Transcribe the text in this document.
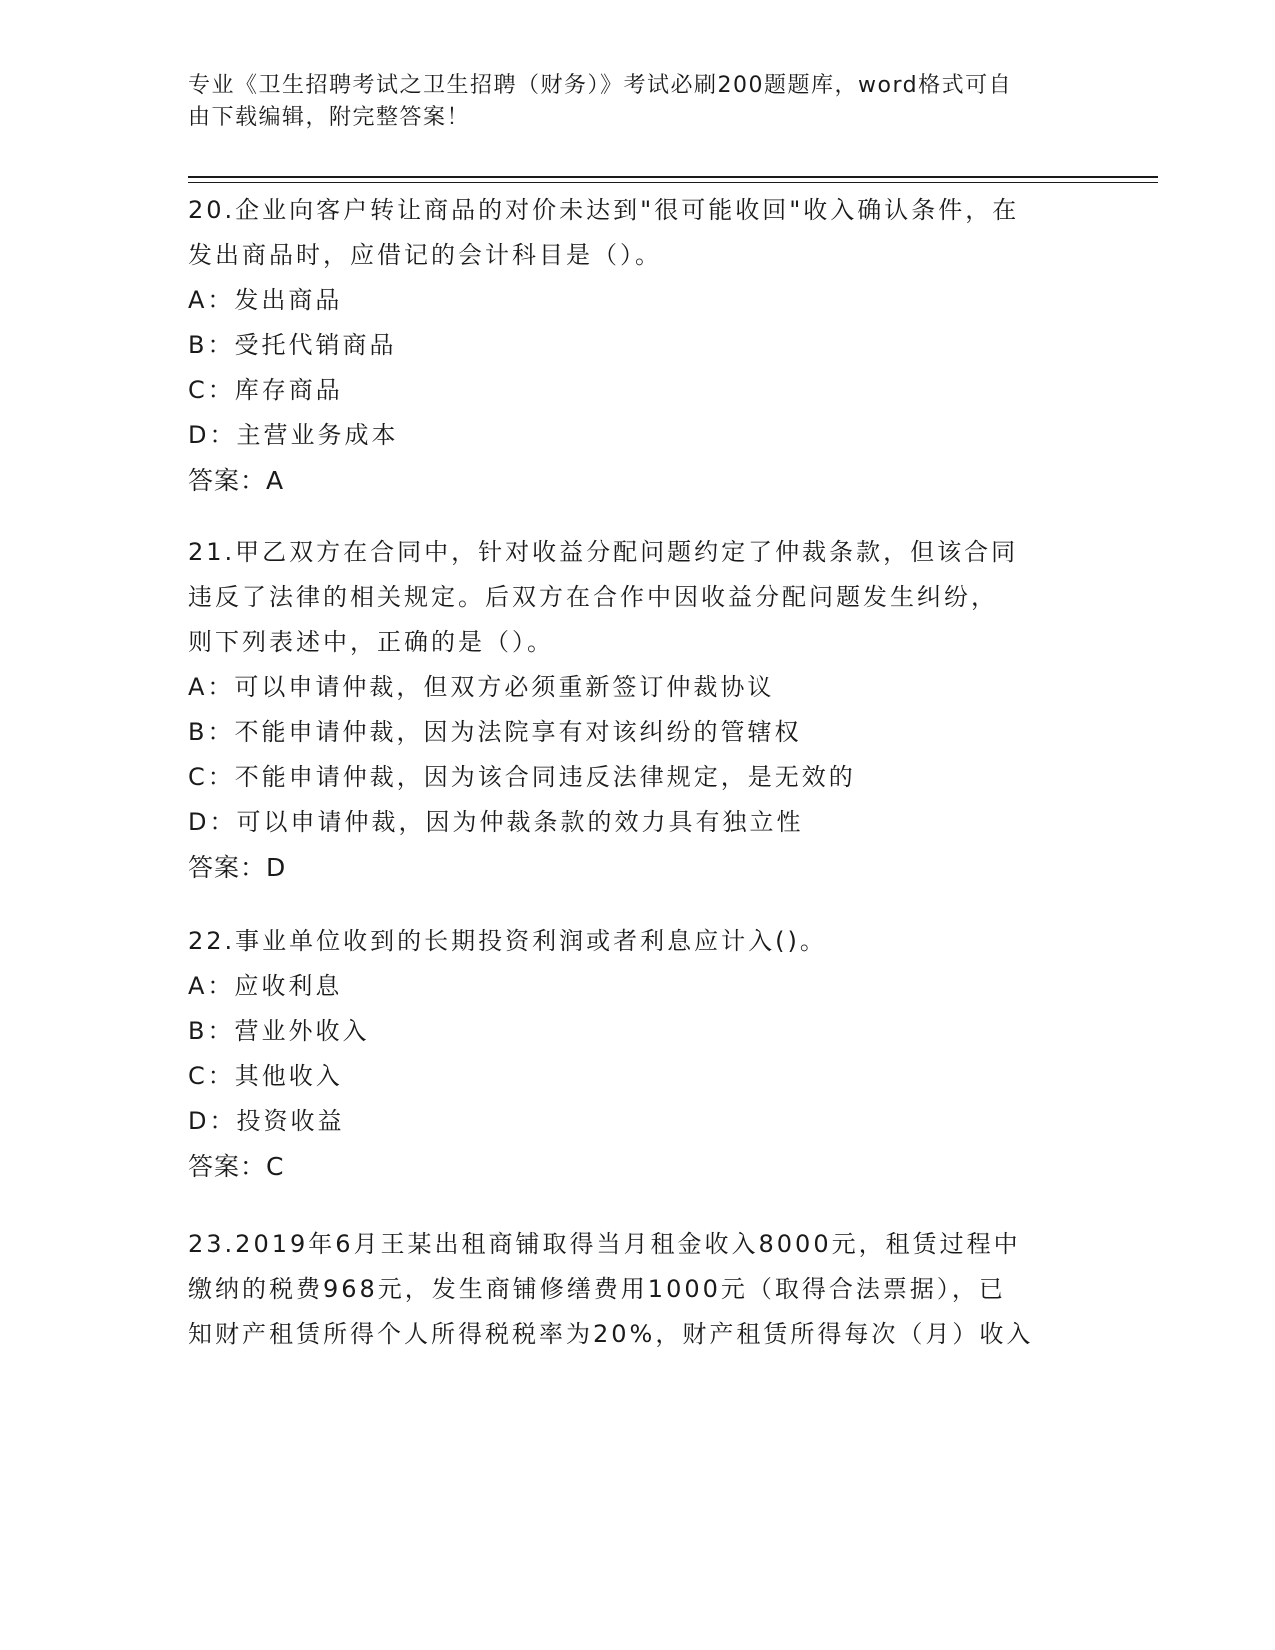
专业《卫生招聘考试之卫生招聘（财务）》考试必刷200题题库，word格式可自
由下载编辑，附完整答案！

20.企业向客户转让商品的对价未达到"很可能收回"收入确认条件，在

发出商品时，应借记的会计科目是（）。

A：发出商品

B：受托代销商品

C：库存商品

D：主营业务成本

答案：A

21.甲乙双方在合同中，针对收益分配问题约定了仲裁条款，但该合同

违反了法律的相关规定。后双方在合作中因收益分配问题发生纠纷，

则下列表述中，正确的是（）。

A：可以申请仲裁，但双方必须重新签订仲裁协议

B：不能申请仲裁，因为法院享有对该纠纷的管辖权

C：不能申请仲裁，因为该合同违反法律规定，是无效的

D：可以申请仲裁，因为仲裁条款的效力具有独立性

答案：D

22.事业单位收到的长期投资利润或者利息应计入()。

A：应收利息

B：营业外收入

C：其他收入

D：投资收益

答案：C

23.2019年6月王某出租商铺取得当月租金收入8000元，租赁过程中

缴纳的税费968元，发生商铺修缮费用1000元（取得合法票据），已

知财产租赁所得个人所得税税率为20%，财产租赁所得每次（月）收入
